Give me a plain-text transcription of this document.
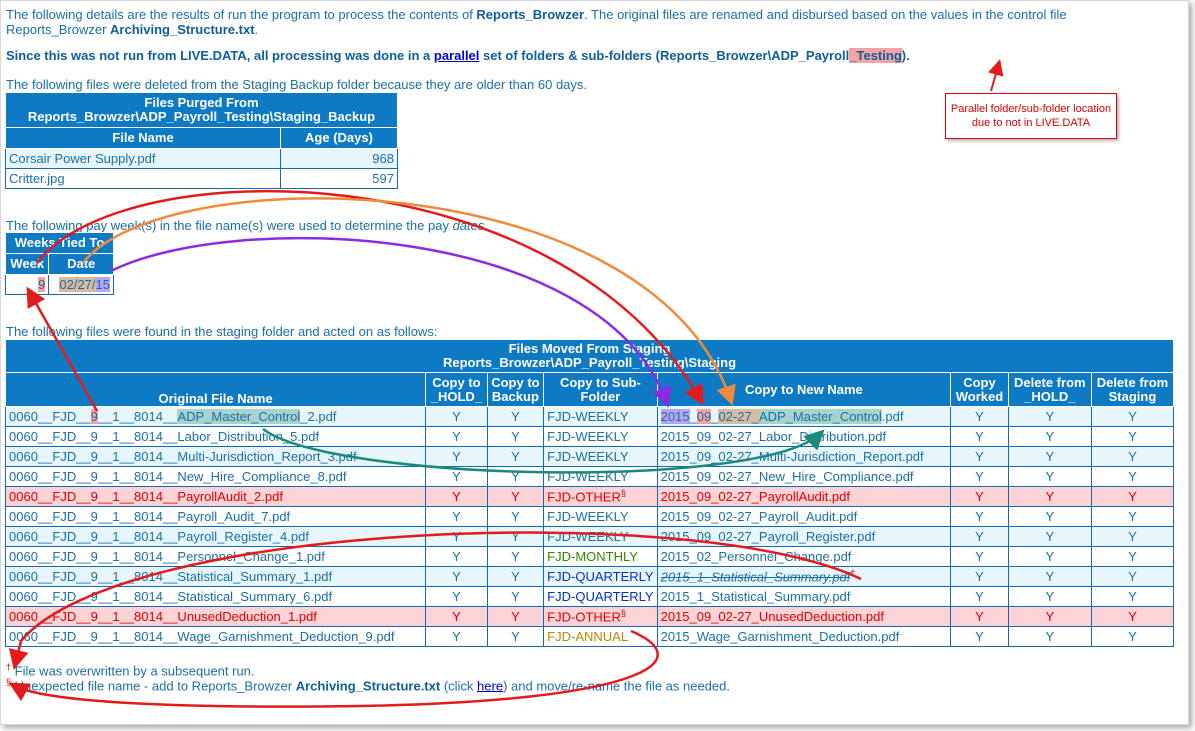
The following details are the results of run the program to process the contents of Reports_Browzer. The original files are renamed and disbursed based on the values in the control file
Reports_Browzer Archiving_Structure.txt.
Since this was not run from LIVE.DATA, all processing was done in a parallel set of folders & sub-folders (Reports_Browzer\ADP_Payroll_Testing).
Parallel folder/sub-folder location due to not in LIVE.DATA
The following files were deleted from the Staging Backup folder because they are older than 60 days.
Files Purged From
Reports_Browzer\ADP_Payroll_Testing\Staging_Backup	
File Name	Age (Days)
Corsair Power Supply.pdf	968
Critter.jpg	597
The following pay week(s) in the file name(s) were used to determine the pay dates.
Weeks Tied To	
Week	Date
9	02/27/15
The following files were found in the staging folder and acted on as follows:
Files Moved From Staging
Reports_Browzer\ADP_Payroll_Testing\Staging							
Original File Name	Copy to _HOLD_	Copy to Backup	Copy to Sub-Folder	Copy to New Name	Copy Worked	Delete from _HOLD_	Delete from Staging
0060__FJD__9__1__8014__ADP_Master_Control_2.pdf	Y	Y	FJD-WEEKLY	2015_09_02-27_ADP_Master_Control.pdf	Y	Y	Y
0060__FJD__9__1__8014__Labor_Distribution_5.pdf	Y	Y	FJD-WEEKLY	2015_09_02-27_Labor_Distribution.pdf	Y	Y	Y
0060__FJD__9__1__8014__Multi-Jurisdiction_Report_3.pdf	Y	Y	FJD-WEEKLY	2015_09_02-27_Multi-Jurisdiction_Report.pdf	Y	Y	Y
0060__FJD__9__1__8014__New_Hire_Compliance_8.pdf	Y	Y	FJD-WEEKLY	2015_09_02-27_New_Hire_Compliance.pdf	Y	Y	Y
0060__FJD__9__1__8014__PayrollAudit_2.pdf	Y	Y	FJD-OTHER§	2015_09_02-27_PayrollAudit.pdf	Y	Y	Y
0060__FJD__9__1__8014__Payroll_Audit_7.pdf	Y	Y	FJD-WEEKLY	2015_09_02-27_Payroll_Audit.pdf	Y	Y	Y
0060__FJD__9__1__8014__Payroll_Register_4.pdf	Y	Y	FJD-WEEKLY	2015_09_02-27_Payroll_Register.pdf	Y	Y	Y
0060__FJD__9__1__8014__Personnel_Change_1.pdf	Y	Y	FJD-MONTHLY	2015_02_Personnel_Change.pdf	Y	Y	Y
0060__FJD__9__1__8014__Statistical_Summary_1.pdf	Y	Y	FJD-QUARTERLY	2015_1_Statistical_Summary.pdf†	Y	Y	Y
0060__FJD__9__1__8014__Statistical_Summary_6.pdf	Y	Y	FJD-QUARTERLY	2015_1_Statistical_Summary.pdf	Y	Y	Y
0060__FJD__9__1__8014__UnusedDeduction_1.pdf	Y	Y	FJD-OTHER§	2015_09_02-27_UnusedDeduction.pdf	Y	Y	Y
0060__FJD__9__1__8014__Wage_Garnishment_Deduction_9.pdf	Y	Y	FJD-ANNUAL	2015_Wage_Garnishment_Deduction.pdf	Y	Y	Y
† File was overwritten by a subsequent run.
§ Unexpected file name - add to Reports_Browzer Archiving_Structure.txt (click here) and move/re-name the file as needed.
